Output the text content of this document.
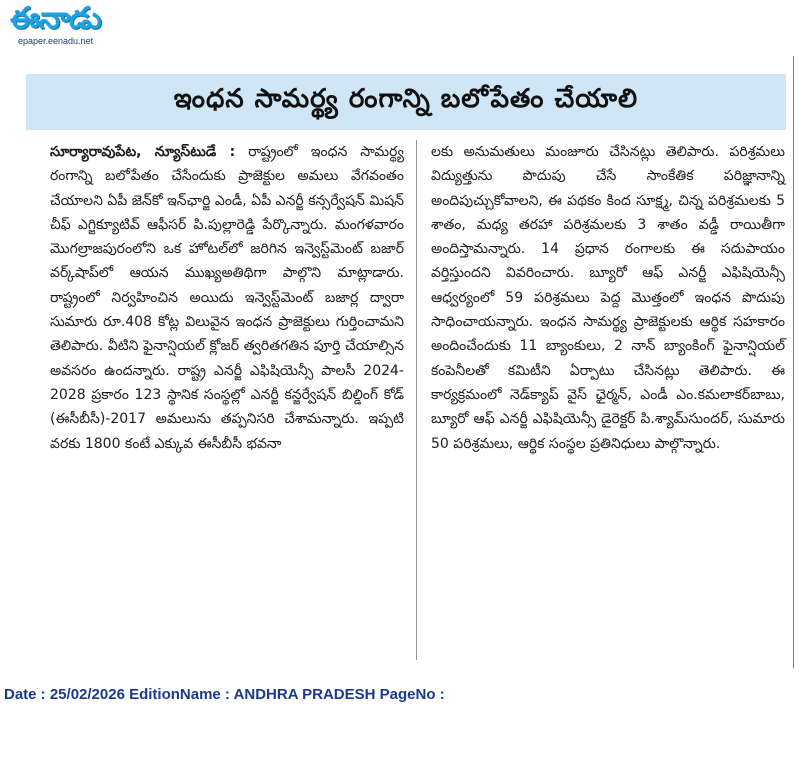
ఈనాడు
epaper.eenadu.net
ఇంధన సామర్థ్య రంగాన్ని బలోపేతం చేయాలి
సూర్యారావుపేట, న్యూస్‌టుడే : రాష్ట్రంలో ఇంధన సామర్థ్య రంగాన్ని బలోపేతం చేసేందుకు ప్రాజెక్టుల అమలు వేగవంతం చేయాలని ఏపీ జెన్‌కో ఇన్‌ఛార్జి ఎండీ, ఏపీ ఎనర్జీ కన్సర్వేషన్ మిషన్ చీఫ్ ఎగ్జిక్యూటివ్ ఆఫీసర్ పి.పుల్లారెడ్డి పేర్కొన్నారు. మంగళవారం మొగల్రాజపురంలోని ఒక హోటల్‌లో జరిగిన ఇన్వెస్ట్‌మెంట్ బజార్ వర్క్‌షాప్‌లో ఆయన ముఖ్యఅతిథిగా పాల్గొని మాట్లాడారు. రాష్ట్రంలో నిర్వహించిన అయిదు ఇన్వెస్ట్‌మెంట్ బజార్ల ద్వారా సుమారు రూ.408 కోట్ల విలువైన ఇంధన ప్రాజెక్టులు గుర్తించామని తెలిపారు. వీటిని ఫైనాన్షియల్ క్లోజర్ త్వరితగతిన పూర్తి చేయాల్సిన అవసరం ఉందన్నారు. రాష్ట్ర ఎనర్జీ ఎఫిషియెన్సీ పాలసీ 2024-2028 ప్రకారం 123 స్థానిక సంస్థల్లో ఎనర్జీ కన్జర్వేషన్ బిల్డింగ్ కోడ్ (ఈసీబీసీ)-2017 అమలును తప్పనిసరి చేశామన్నారు. ఇప్పటి వరకు 1800 కంటే ఎక్కువ ఈసీబీసీ భవనా
లకు అనుమతులు మంజూరు చేసినట్లు తెలిపారు. పరిశ్రమలు విద్యుత్తును పొదుపు చేసే సాంకేతిక పరిజ్ఞానాన్ని అందిపుచ్చుకోవాలని, ఈ పథకం కింద సూక్ష్మ, చిన్న పరిశ్రమలకు 5 శాతం, మధ్య తరహా పరిశ్రమలకు 3 శాతం వడ్డీ రాయితీగా అందిస్తామన్నారు. 14 ప్రధాన రంగాలకు ఈ సదుపాయం వర్తిస్తుందని వివరించారు. బ్యూరో ఆఫ్ ఎనర్జీ ఎఫిషియెన్సీ ఆధ్వర్యంలో 59 పరిశ్రమలు పెద్ద మొత్తంలో ఇంధన పొదుపు సాధించాయన్నారు. ఇంధన సామర్థ్య ప్రాజెక్టులకు ఆర్థిక సహకారం అందించేందుకు 11 బ్యాంకులు, 2 నాన్ బ్యాంకింగ్ ఫైనాన్షియల్ కంపెనీలతో కమిటీని ఏర్పాటు చేసినట్లు తెలిపారు. ఈ కార్యక్రమంలో నెడ్‌క్యాప్ వైస్ ఛైర్మన్, ఎండీ ఎం.కమలాకర్‌బాబు, బ్యూరో ఆఫ్ ఎనర్జీ ఎఫిషియెన్సీ డైరెక్టర్ పి.శ్యామ్‌సుందర్, సుమారు 50 పరిశ్రమలు, ఆర్థిక సంస్థల ప్రతినిధులు పాల్గొన్నారు.
Date : 25/02/2026 EditionName : ANDHRA PRADESH PageNo :
